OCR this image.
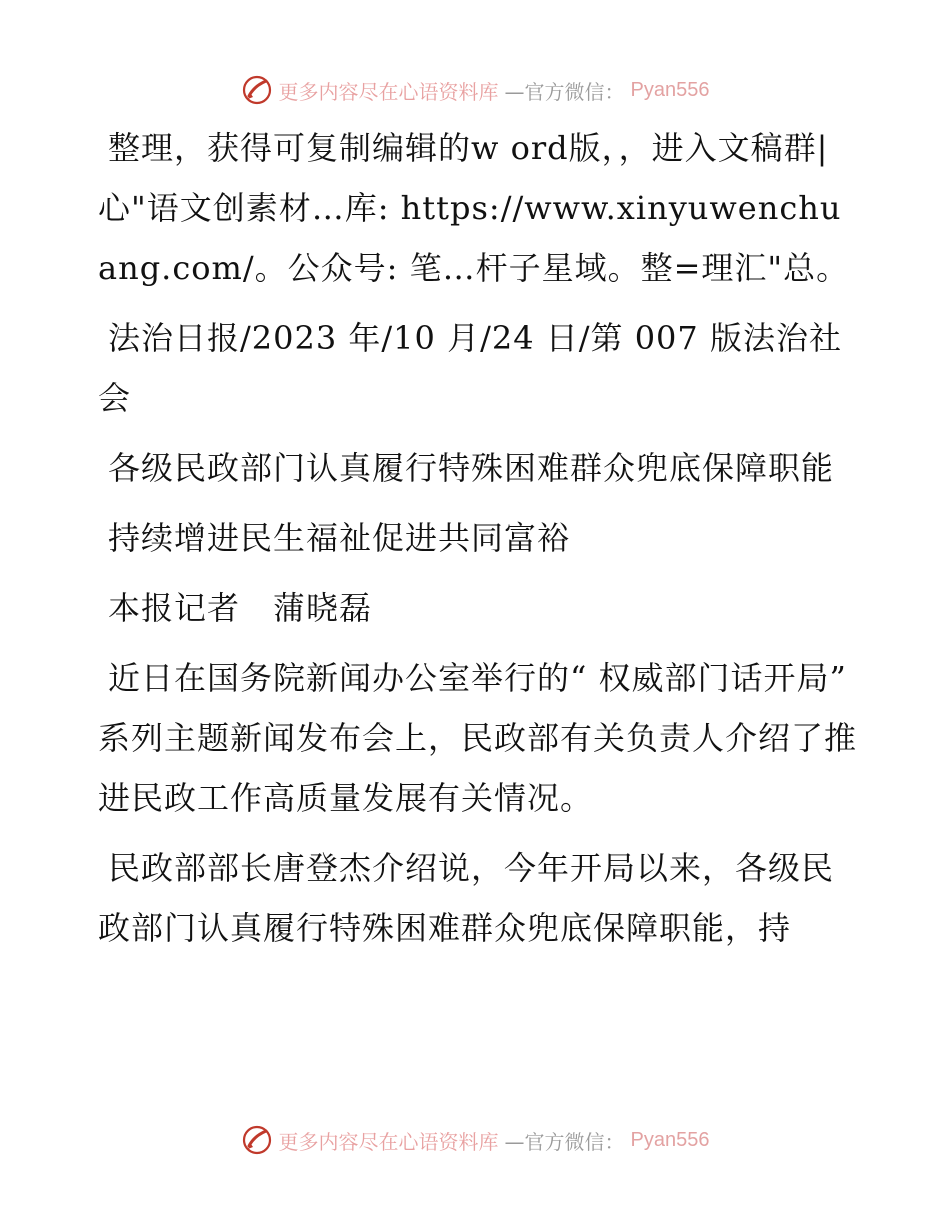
更多内容尽在心语资料库 —官方微信： Pyan556

整理，获得可复制编辑的w ord版，，进入文稿群|心"语文创素材…库: https://www.xinyuwenchuang.com/。公众号: 笔…杆子星域。整=理汇"总。

法治日报/2023 年/10 月/24 日/第 007 版法治社会

各级民政部门认真履行特殊困难群众兜底保障职能

持续增进民生福祉促进共同富裕

本报记者　蒲晓磊

近日在国务院新闻办公室举行的“ 权威部门话开局” 系列主题新闻发布会上，民政部有关负责人介绍了推进民政工作高质量发展有关情况。

民政部部长唐登杰介绍说，今年开局以来，各级民政部门认真履行特殊困难群众兜底保障职能，持

更多内容尽在心语资料库 —官方微信： Pyan556
